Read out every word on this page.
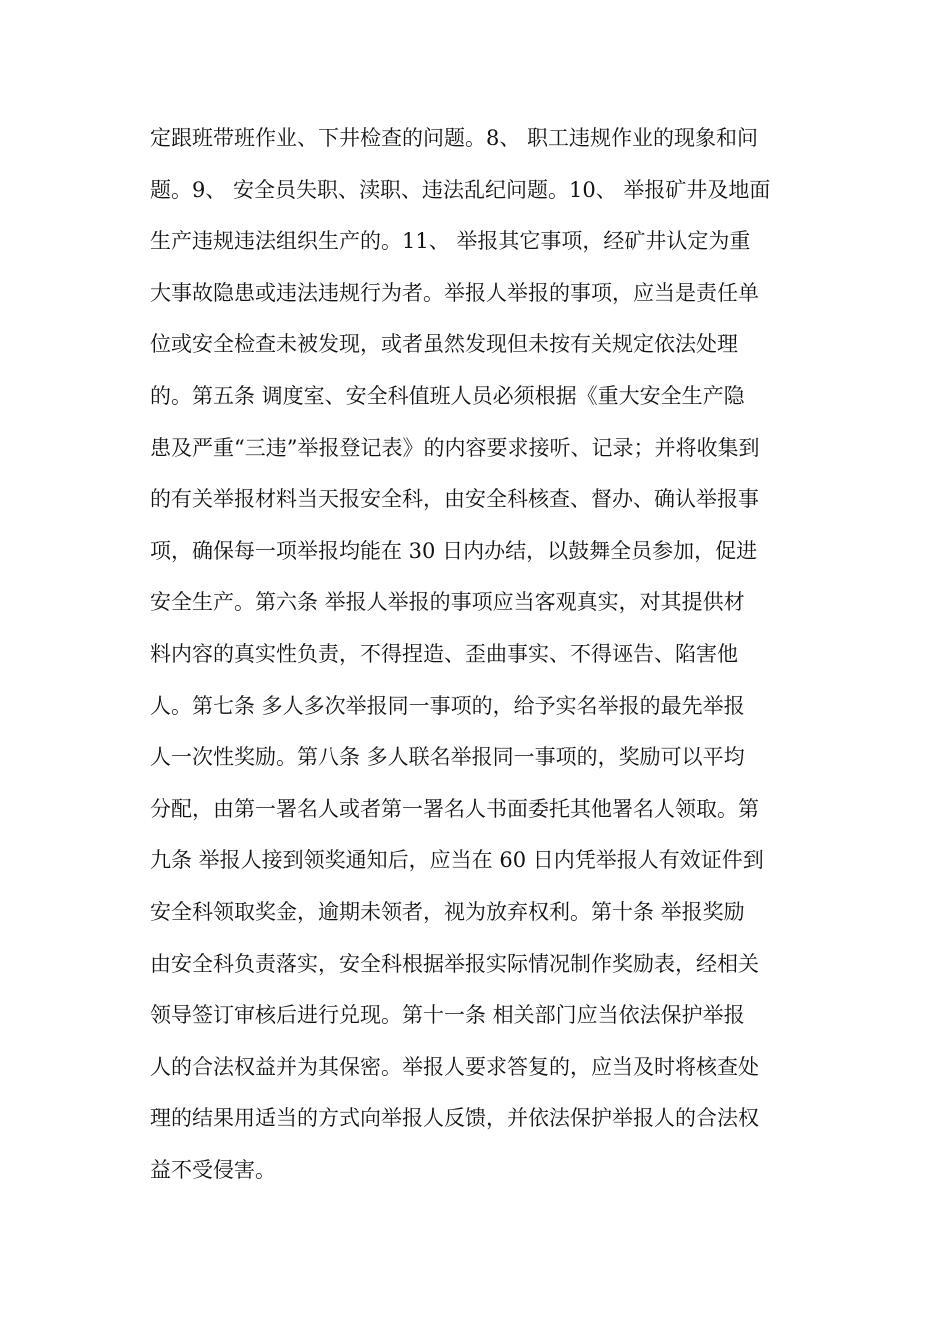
定跟班带班作业、下井检查的问题。8、 职工违规作业的现象和问
题。9、 安全员失职、渎职、违法乱纪问题。10、 举报矿井及地面
生产违规违法组织生产的。11、 举报其它事项，经矿井认定为重
大事故隐患或违法违规行为者。举报人举报的事项，应当是责任单
位或安全检查未被发现，或者虽然发现但未按有关规定依法处理
的。第五条 调度室、安全科值班人员必须根据《重大安全生产隐
患及严重“三违”举报登记表》的内容要求接听、记录；并将收集到
的有关举报材料当天报安全科，由安全科核查、督办、确认举报事
项，确保每一项举报均能在 30 日内办结，以鼓舞全员参加，促进
安全生产。第六条 举报人举报的事项应当客观真实，对其提供材
料内容的真实性负责，不得捏造、歪曲事实、不得诬告、陷害他
人。第七条 多人多次举报同一事项的，给予实名举报的最先举报
人一次性奖励。第八条 多人联名举报同一事项的，奖励可以平均
分配，由第一署名人或者第一署名人书面委托其他署名人领取。第
九条 举报人接到领奖通知后，应当在 60 日内凭举报人有效证件到
安全科领取奖金，逾期未领者，视为放弃权利。第十条 举报奖励
由安全科负责落实，安全科根据举报实际情况制作奖励表，经相关
领导签订审核后进行兑现。第十一条 相关部门应当依法保护举报
人的合法权益并为其保密。举报人要求答复的，应当及时将核查处
理的结果用适当的方式向举报人反馈，并依法保护举报人的合法权
益不受侵害。
